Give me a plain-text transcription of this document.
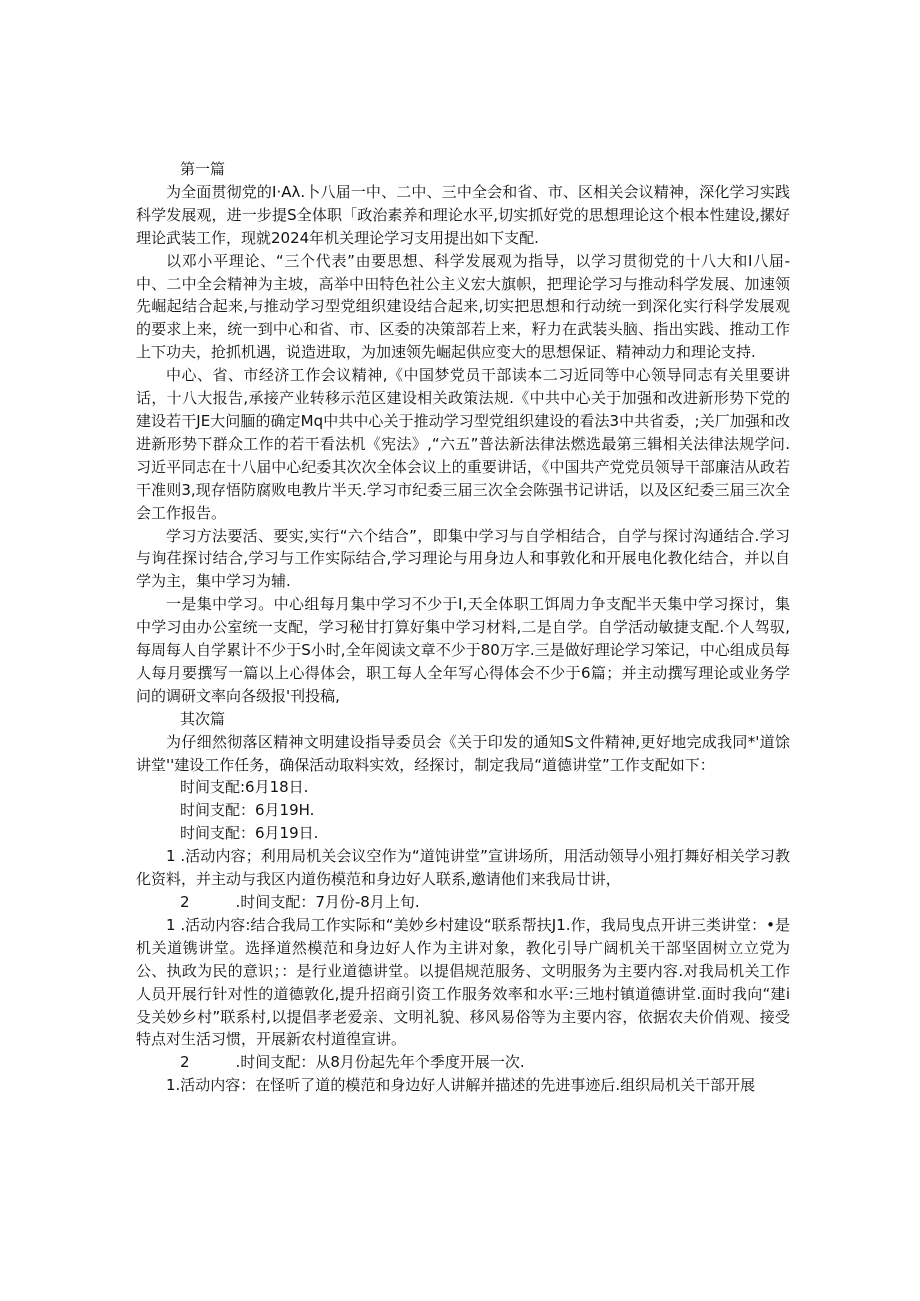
第一篇

为全面贯彻党的I·Aλ.卜八届一中、二中、三中全会和省、市、区相关会议精神，深化学习实践科学发展观，进一步提S全体职「政治素养和理论水平,切实抓好党的思想理论这个根本性建设,摞好理论武装工作，现就2024年机关理论学习支用提出如下支配.

以邓小平理论、“三个代表”由要思想、科学发展观为指导，以学习贯彻党的十八大和Ⅰ八届-中、二中全会精神为主坡，高举中田特色社公主义宏大旗帜，把理论学习与推动科学发展、加速领先崛起结合起来,与推动学习型党组织建设结合起来,切实把思想和行动统一到深化实行科学发展观的要求上来，统一到中心和省、市、区委的决策部若上来，籽力在武装头脑、指出实践、推动工作上下功夫，抢抓机遇，说造进取，为加速领先崛起供应变大的思想保证、精神动力和理论支持.

中心、省、市经济工作会议精神,《中国梦党员干部读本二习近同等中心领导同志有关里要讲话，十八大报告,承接产业转移示范区建设相关政策法规.《中共中心关于加强和改进新形势下党的建设若干JE大问腼的确定Mq中共中心关于推动学习型党组织建设的看法3中共省委，;关厂加强和改进新形势下群众工作的若干看法机《宪法》,“六五”普法新法律法燃选最第三辑相关法律法规学问.习近平同志在十八届中心纪委其次次全体会议上的重要讲话，《中国共产党党员领导干部廉洁从政若干准则3,现存悟防腐败电教片半天.学习市纪委三届三次全会陈强书记讲话，以及区纪委三届三次全会工作报告。

学习方法要活、要实,实行“六个结合”，即集中学习与自学相结合，自学与探讨沟通结合.学习与询荏探讨结合,学习与工作实际结合,学习理论与用身边人和事敦化和开展电化教化结合，并以自学为主，集中学习为辅.

一是集中学习。中心组每月集中学习不少于I,天全体职工饵周力争支配半天集中学习探讨，集中学习由办公室统一支配，学习秘甘打算好集中学习材料,二是自学。自学活动敏捷支配.个人驾驭,每周每人自学累计不少于S小时,全年阅读文章不少于80万字.三是做好理论学习笨记，中心组成员每人每月要撰写一篇以上心得体会，职工每人全年写心得体会不少于6篇；并主动撰写理论或业务学问的调研文率向各级报'刊投稿,

其次篇

为仔细然彻落区精神文明建设指导委员会《关于印发的通知S文件精神,更好地完成我同*'道馀讲堂''建设工作任务，确保活动取料实效，经探讨，制定我局“道德讲堂”工作支配如下：

时间支配:6月18日.

时间支配：6月19H.

时间支配：6月19日.

1 .活动内容；利用局机关会议空作为“道饨讲堂”宣讲场所，用活动领导小殂打舞好相关学习教化资料，并主动与我区内道伤模范和身边好人联系,邀请他们来我局廿讲，

2	.时间支配：7月份-8月上旬.

1 .活动内容:结合我局工作实际和“美妙乡村建设“联系帮扶J1.作，我局曳点开讲三类讲堂：•是机关道镌讲堂。选择道然模范和身边好人作为主讲对象，教化引导广阔机关干部坚固树立立党为公、执政为民的意识；：是行业道德讲堂。以提倡规范服务、文明服务为主要内容.对我局机关工作人员开展行针对性的道德敦化,提升招商引资工作服务效率和水平:三地村镇道德讲堂.面时我向“建i殳关妙乡村”联系村,以提倡孝老爱亲、文明礼貌、移风易俗等为主要内容，依据农夫价俏观、接受特点对生活习惯，开展新农村道徨宣讲。

2	.时间支配：从8月份起先年个季度开展一次.

1.活动内容：在怪听了道的模范和身边好人讲解并描述的先进事迹后.组织局机关干部开展
